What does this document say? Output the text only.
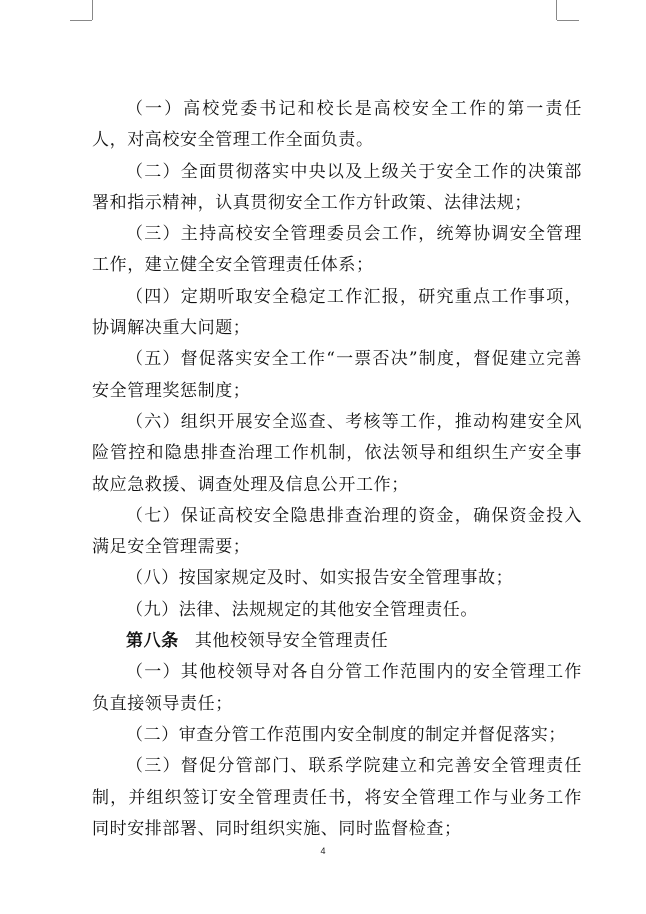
（一）高校党委书记和校长是高校安全工作的第一责任人，对高校安全管理工作全面负责。

（二）全面贯彻落实中央以及上级关于安全工作的决策部署和指示精神，认真贯彻安全工作方针政策、法律法规；

（三）主持高校安全管理委员会工作，统筹协调安全管理工作，建立健全安全管理责任体系；

（四）定期听取安全稳定工作汇报，研究重点工作事项，协调解决重大问题；

（五）督促落实安全工作“一票否决”制度，督促建立完善安全管理奖惩制度；

（六）组织开展安全巡查、考核等工作，推动构建安全风险管控和隐患排查治理工作机制，依法领导和组织生产安全事故应急救援、调查处理及信息公开工作；

（七）保证高校安全隐患排查治理的资金，确保资金投入满足安全管理需要；

（八）按国家规定及时、如实报告安全管理事故；

（九）法律、法规规定的其他安全管理责任。

第八条 其他校领导安全管理责任

（一）其他校领导对各自分管工作范围内的安全管理工作负直接领导责任；

（二）审查分管工作范围内安全制度的制定并督促落实；

（三）督促分管部门、联系学院建立和完善安全管理责任制，并组织签订安全管理责任书，将安全管理工作与业务工作同时安排部署、同时组织实施、同时监督检查；

4
